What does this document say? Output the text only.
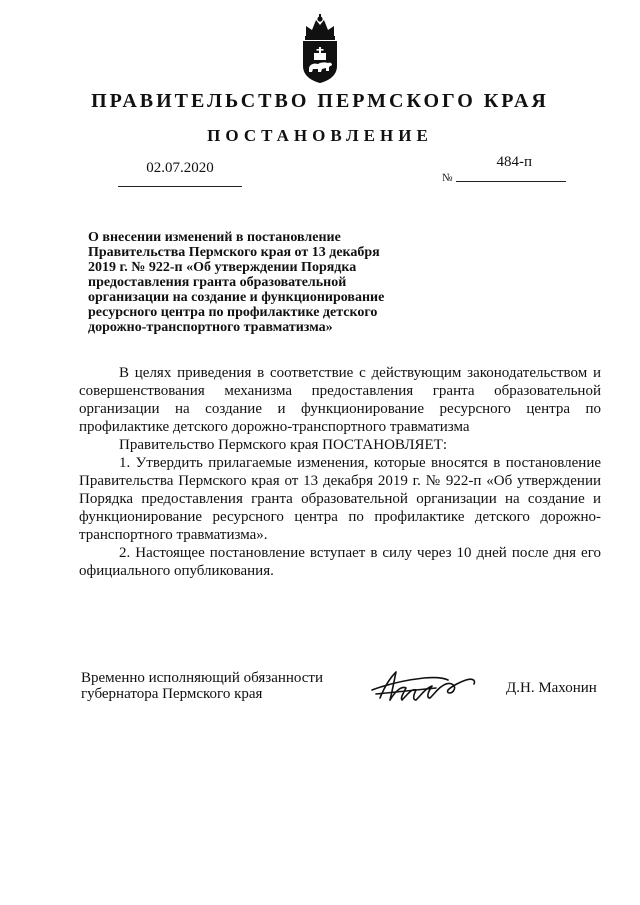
ПРАВИТЕЛЬСТВО ПЕРМСКОГО КРАЯ
ПОСТАНОВЛЕНИЕ
02.07.2020
№
484-п
О внесении изменений в постановление
Правительства Пермского края от 13 декабря
2019 г. № 922-п «Об утверждении Порядка
предоставления гранта образовательной
организации на создание и функционирование
ресурсного центра по профилактике детского
дорожно-транспортного травматизма»

В целях приведения в соответствие с действующим законодательством и совершенствования механизма предоставления гранта образовательной организации на создание и функционирование ресурсного центра по профилактике детского дорожно-транспортного травматизма

Правительство Пермского края ПОСТАНОВЛЯЕТ:

1. Утвердить прилагаемые изменения, которые вносятся в постановление Правительства Пермского края от 13 декабря 2019 г. № 922-п «Об утверждении Порядка предоставления гранта образовательной организации на создание и функционирование ресурсного центра по профилактике детского дорожно-транспортного травматизма».

2. Настоящее постановление вступает в силу через 10 дней после дня его официального опубликования.

Временно исполняющий обязанности
губернатора Пермского края	Д.Н. Махонин
